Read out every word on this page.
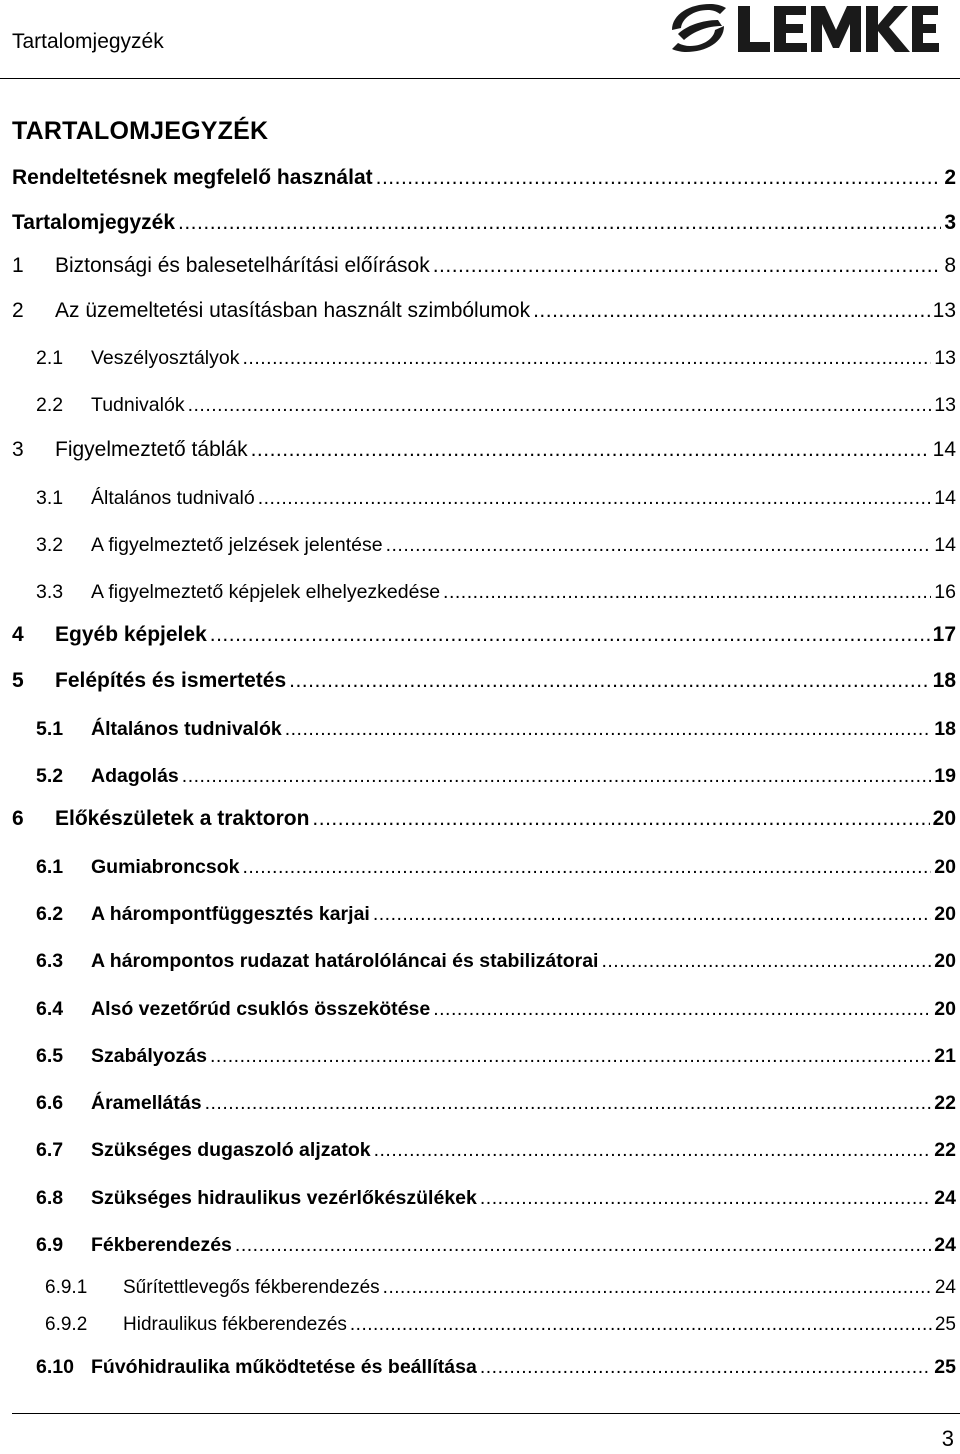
Tartalomjegyzék
TARTALOMJEGYZÉK
Rendeltetésnek megfelelő használat .....	2
Tartalomjegyzék .....	3
1	Biztonsági és balesetelhárítási előírások .....	8
2	Az üzemeltetési utasításban használt szimbólumok .....	13
2.1	Veszélyosztályok .....	13
2.2	Tudnivalók .....	13
3	Figyelmeztető táblák .....	14
3.1	Általános tudnivaló .....	14
3.2	A figyelmeztető jelzések jelentése .....	14
3.3	A figyelmeztető képjelek elhelyezkedése .....	16
4	Egyéb képjelek .....	17
5	Felépítés és ismertetés .....	18
5.1	Általános tudnivalók .....	18
5.2	Adagolás .....	19
6	Előkészületek a traktoron .....	20
6.1	Gumiabroncsok .....	20
6.2	A hárompontfüggesztés karjai .....	20
6.3	A hárompontos rudazat határolóláncai és stabilizátorai .....	20
6.4	Alsó vezetőrúd csuklós összekötése .....	20
6.5	Szabályozás .....	21
6.6	Áramellátás .....	22
6.7	Szükséges dugaszoló aljzatok .....	22
6.8	Szükséges hidraulikus vezérlőkészülékek .....	24
6.9	Fékberendezés .....	24
6.9.1	Sűrítettlevegős fékberendezés .....	24
6.9.2	Hidraulikus fékberendezés .....	25
6.10 Fúvóhidraulika működtetése és beállítása .....	25
3
